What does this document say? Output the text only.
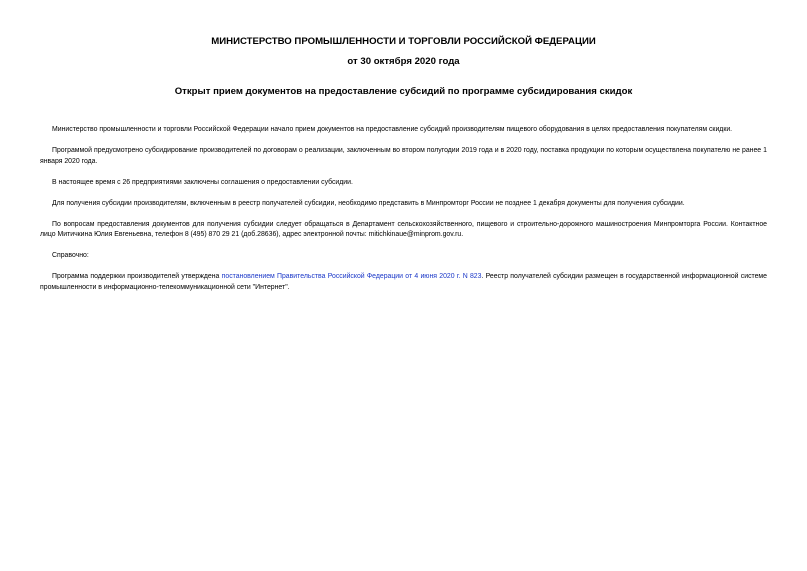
МИНИСТЕРСТВО ПРОМЫШЛЕННОСТИ И ТОРГОВЛИ РОССИЙСКОЙ ФЕДЕРАЦИИ
от 30 октября 2020 года
Открыт прием документов на предоставление субсидий по программе субсидирования скидок

Министерство промышленности и торговли Российской Федерации начало прием документов на предоставление субсидий производителям пищевого оборудования в целях предоставления покупателям скидки.

Программой предусмотрено субсидирование производителей по договорам о реализации, заключенным во втором полугодии 2019 года и в 2020 году, поставка продукции по которым осуществлена покупателю не ранее 1 января 2020 года.

В настоящее время с 26 предприятиями заключены соглашения о предоставлении субсидии.

Для получения субсидии производителям, включенным в реестр получателей субсидии, необходимо представить в Минпромторг России не позднее 1 декабря документы для получения субсидии.

По вопросам предоставления документов для получения субсидии следует обращаться в Департамент сельскохозяйственного, пищевого и строительно-дорожного машиностроения Минпромторга России. Контактное лицо Митичкина Юлия Евгеньевна, телефон 8 (495) 870 29 21 (доб.28636), адрес электронной почты: mitichkinaue@minprom.gov.ru.

Справочно:

Программа поддержки производителей утверждена постановлением Правительства Российской Федерации от 4 июня 2020 г. N 823. Реестр получателей субсидии размещен в государственной информационной системе промышленности в информационно-телекоммуникационной сети "Интернет".
